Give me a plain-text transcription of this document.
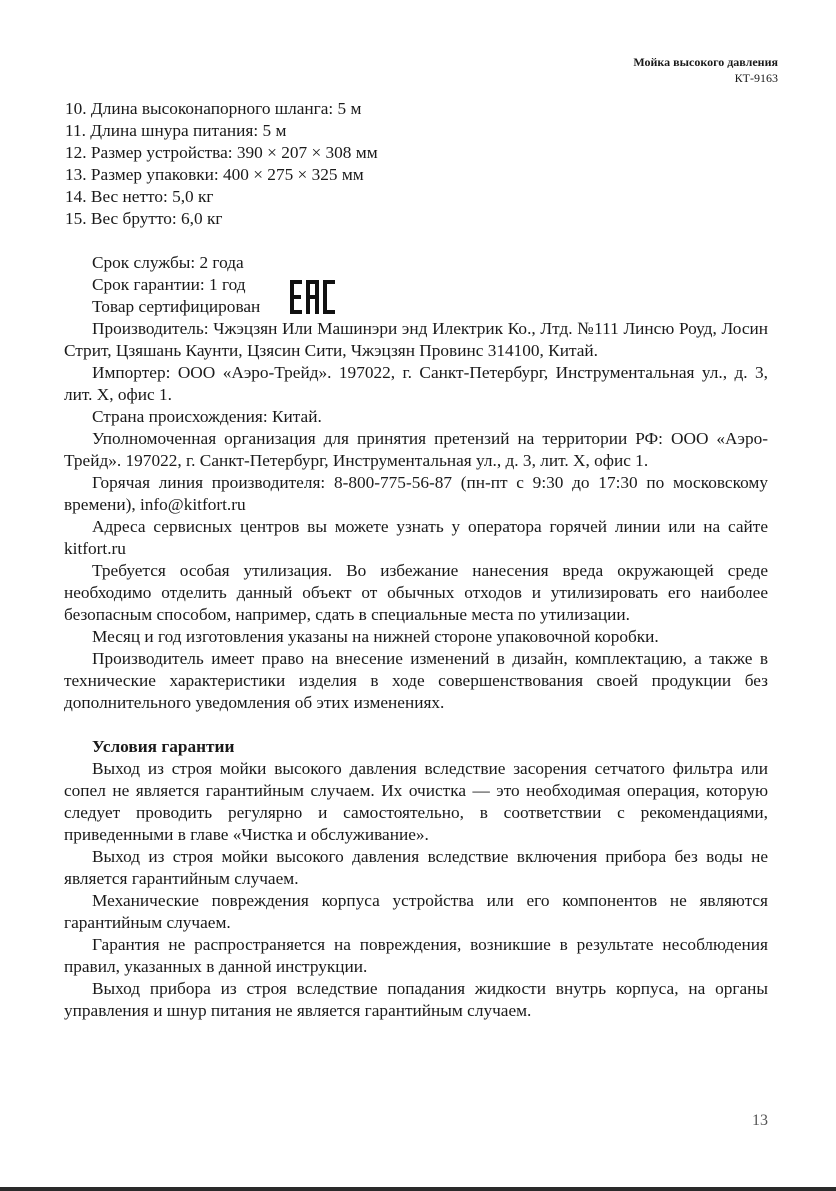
Мойка высокого давления
КТ-9163

10. Длина высоконапорного шланга: 5 м

11. Длина шнура питания: 5 м

12. Размер устройства: 390 × 207 × 308 мм

13. Размер упаковки: 400 × 275 × 325 мм

14. Вес нетто: 5,0 кг

15. Вес брутто: 6,0 кг

Срок службы: 2 года

Срок гарантии: 1 год

Товар сертифицирован

Производитель: Чжэцзян Или Машинэри энд Илектрик Ко., Лтд. №111 Линсю Роуд, Лосин Стрит, Цзяшань Каунти, Цзясин Сити, Чжэцзян Провинс 314100, Китай.

Импортер: ООО «Аэро-Трейд». 197022, г. Санкт-Петербург, Инструментальная ул., д. 3, лит. Х, офис 1.

Страна происхождения: Китай.

Уполномоченная организация для принятия претензий на территории РФ: ООО «Аэро-Трейд». 197022, г. Санкт-Петербург, Инструментальная ул., д. 3, лит. Х, офис 1.

Горячая линия производителя: 8-800-775-56-87 (пн-пт с 9:30 до 17:30 по московскому времени), info@kitfort.ru

Адреса сервисных центров вы можете узнать у оператора горячей линии или на сайте kitfort.ru

Требуется особая утилизация. Во избежание нанесения вреда окружающей среде необходимо отделить данный объект от обычных отходов и утилизировать его наиболее безопасным способом, например, сдать в специальные места по утилизации.

Месяц и год изготовления указаны на нижней стороне упаковочной коробки.

Производитель имеет право на внесение изменений в дизайн, комплектацию, а также в технические характеристики изделия в ходе совершенствования своей продукции без дополнительного уведомления об этих изменениях.

Условия гарантии

Выход из строя мойки высокого давления вследствие засорения сетчатого фильтра или сопел не является гарантийным случаем. Их очистка — это необходимая операция, которую следует проводить регулярно и самостоятельно, в соответствии с рекомендациями, приведенными в главе «Чистка и обслуживание».

Выход из строя мойки высокого давления вследствие включения прибора без воды не является гарантийным случаем.

Механические повреждения корпуса устройства или его компонентов не являются гарантийным случаем.

Гарантия не распространяется на повреждения, возникшие в результате несоблюдения правил, указанных в данной инструкции.

Выход прибора из строя вследствие попадания жидкости внутрь корпуса, на органы управления и шнур питания не является гарантийным случаем.

13
